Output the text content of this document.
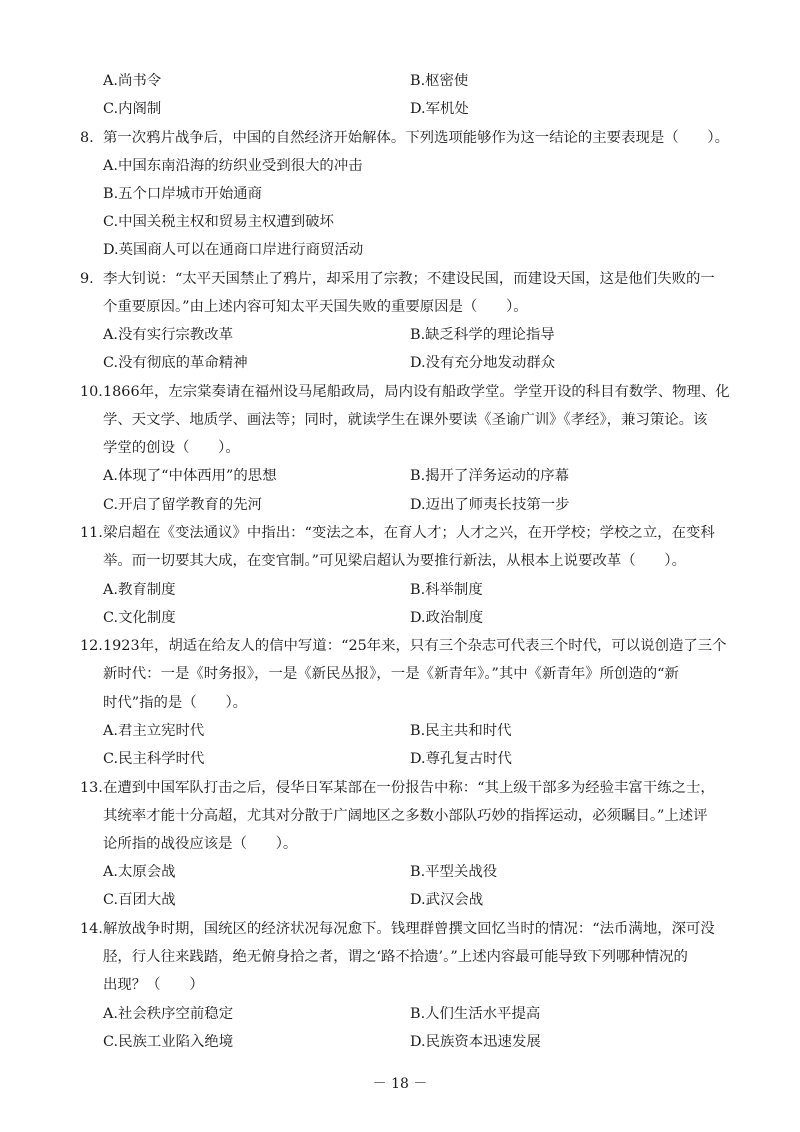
A.尚书令	B.枢密使
C.内阁制	D.军机处
8. 第一次鸦片战争后，中国的自然经济开始解体。下列选项能够作为这一结论的主要表现是（　　）。
A.中国东南沿海的纺织业受到很大的冲击
B.五个口岸城市开始通商
C.中国关税主权和贸易主权遭到破坏
D.英国商人可以在通商口岸进行商贸活动
9. 李大钊说：“太平天国禁止了鸦片，却采用了宗教；不建设民国，而建设天国，这是他们失败的一
个重要原因。”由上述内容可知太平天国失败的重要原因是（　　）。
A.没有实行宗教改革	B.缺乏科学的理论指导
C.没有彻底的革命精神	D.没有充分地发动群众
10.1866年，左宗棠奏请在福州设马尾船政局，局内设有船政学堂。学堂开设的科目有数学、物理、化
学、天文学、地质学、画法等；同时，就读学生在课外要读《圣谕广训》《孝经》，兼习策论。该
学堂的创设（　　）。
A.体现了“中体西用”的思想	B.揭开了洋务运动的序幕
C.开启了留学教育的先河	D.迈出了师夷长技第一步
11.梁启超在《变法通议》中指出：“变法之本，在育人才；人才之兴，在开学校；学校之立，在变科
举。而一切要其大成，在变官制。”可见梁启超认为要推行新法，从根本上说要改革（　　）。
A.教育制度	B.科举制度
C.文化制度	D.政治制度
12.1923年，胡适在给友人的信中写道：“25年来，只有三个杂志可代表三个时代，可以说创造了三个
新时代：一是《时务报》，一是《新民丛报》，一是《新青年》。”其中《新青年》所创造的“新
时代”指的是（　　）。
A.君主立宪时代	B.民主共和时代
C.民主科学时代	D.尊孔复古时代
13.在遭到中国军队打击之后，侵华日军某部在一份报告中称：“其上级干部多为经验丰富干练之士，
其统率才能十分高超，尤其对分散于广阔地区之多数小部队巧妙的指挥运动，必须瞩目。”上述评
论所指的战役应该是（　　）。
A.太原会战	B.平型关战役
C.百团大战	D.武汉会战
14.解放战争时期，国统区的经济状况每况愈下。钱理群曾撰文回忆当时的情况：“法币满地，深可没
胫，行人往来践踏，绝无俯身拾之者，谓之‘路不拾遗’。”上述内容最可能导致下列哪种情况的
出现？（　　）
A.社会秩序空前稳定	B.人们生活水平提高
C.民族工业陷入绝境	D.民族资本迅速发展
－ 18 －
